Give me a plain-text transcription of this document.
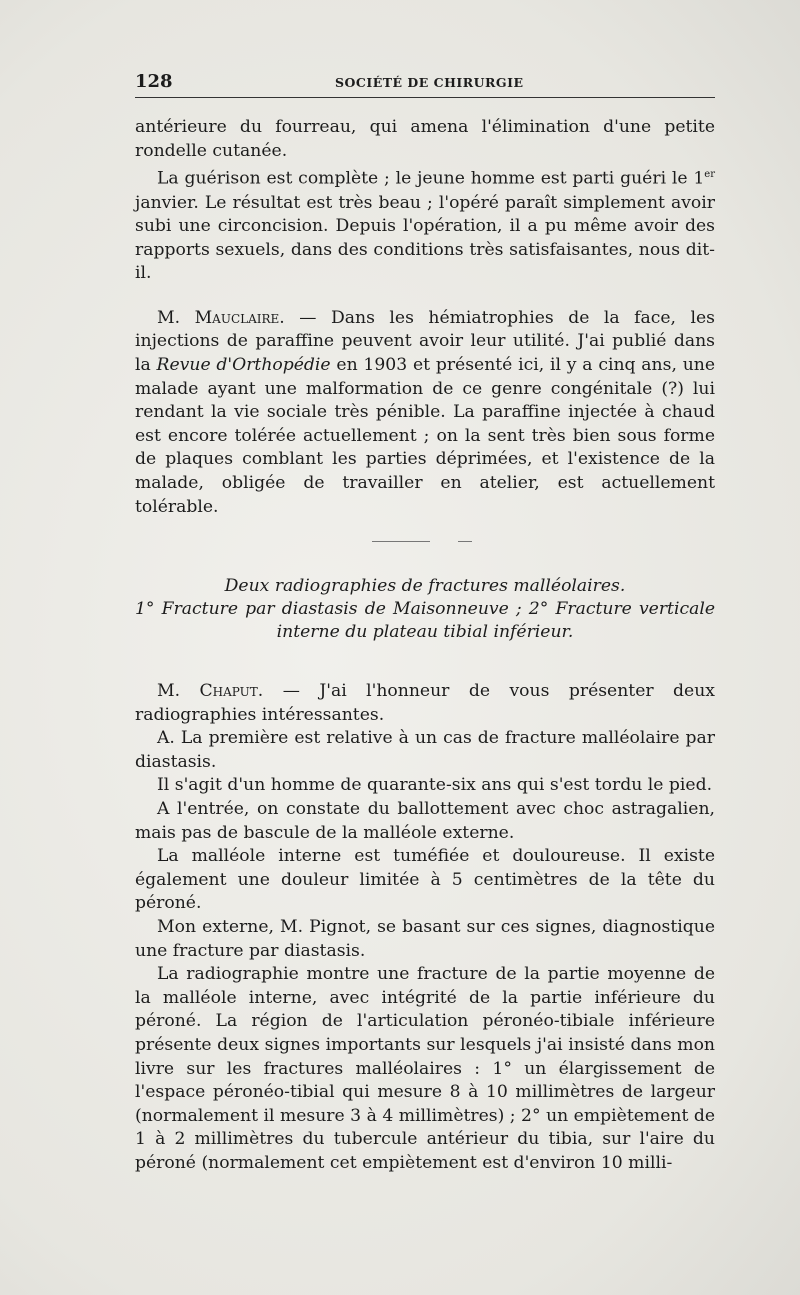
128	SOCIÉTÉ DE CHIRURGIE

antérieure du fourreau, qui amena l'élimination d'une petite rondelle cutanée.

La guérison est complète ; le jeune homme est parti guéri le 1er janvier. Le résultat est très beau ; l'opéré paraît simplement avoir subi une circoncision. Depuis l'opération, il a pu même avoir des rapports sexuels, dans des conditions très satisfaisantes, nous dit-il.

M. Mauclaire. — Dans les hémiatrophies de la face, les injections de paraffine peuvent avoir leur utilité. J'ai publié dans la Revue d'Orthopédie en 1903 et présenté ici, il y a cinq ans, une malade ayant une malformation de ce genre congénitale (?) lui rendant la vie sociale très pénible. La paraffine injectée à chaud est encore tolérée actuellement ; on la sent très bien sous forme de plaques comblant les parties déprimées, et l'existence de la malade, obligée de travailler en atelier, est actuellement tolérable.

Deux radiographies de fractures malléolaires.
1° Fracture par diastasis de Maisonneuve ; 2° Fracture verticale
interne du plateau tibial inférieur.

M. Chaput. — J'ai l'honneur de vous présenter deux radiographies intéressantes.

A. La première est relative à un cas de fracture malléolaire par diastasis.

Il s'agit d'un homme de quarante-six ans qui s'est tordu le pied.

A l'entrée, on constate du ballottement avec choc astragalien, mais pas de bascule de la malléole externe.

La malléole interne est tuméfiée et douloureuse. Il existe également une douleur limitée à 5 centimètres de la tête du péroné.

Mon externe, M. Pignot, se basant sur ces signes, diagnostique une fracture par diastasis.

La radiographie montre une fracture de la partie moyenne de la malléole interne, avec intégrité de la partie inférieure du péroné. La région de l'articulation péronéo-tibiale inférieure présente deux signes importants sur lesquels j'ai insisté dans mon livre sur les fractures malléolaires : 1° un élargissement de l'espace péronéo-tibial qui mesure 8 à 10 millimètres de largeur (normalement il mesure 3 à 4 millimètres) ; 2° un empiètement de 1 à 2 millimètres du tubercule antérieur du tibia, sur l'aire du péroné (normalement cet empiètement est d'environ 10 milli-
